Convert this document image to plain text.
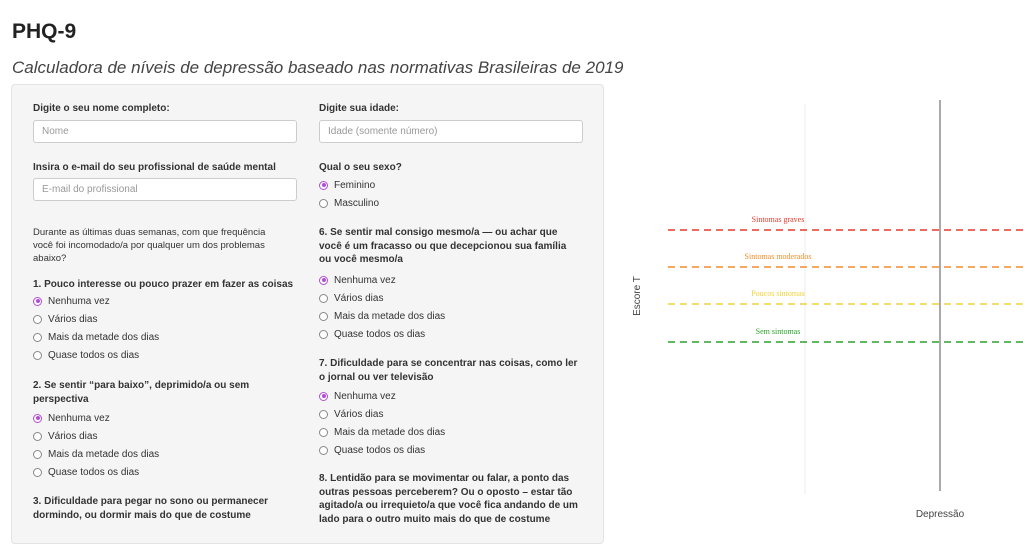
PHQ-9

Calculadora de níveis de depressão baseado nas normativas Brasileiras de 2019

Digite o seu nome completo:
Nome
Insira o e-mail do seu profissional de saúde mental
E-mail do profissional
Durante as últimas duas semanas, com que frequência
você foi incomodado/a por qualquer um dos problemas
abaixo?
1. Pouco interesse ou pouco prazer em fazer as coisas
Nenhuma vez
Vários dias
Mais da metade dos dias
Quase todos os dias
2. Se sentir “para baixo”, deprimido/a ou sem
perspectiva
Nenhuma vez
Vários dias
Mais da metade dos dias
Quase todos os dias
3. Dificuldade para pegar no sono ou permanecer
dormindo, ou dormir mais do que de costume
Digite sua idade:
Idade (somente número)
Qual o seu sexo?
Feminino
Masculino
6. Se sentir mal consigo mesmo/a — ou achar que
você é um fracasso ou que decepcionou sua família
ou você mesmo/a
Nenhuma vez
Vários dias
Mais da metade dos dias
Quase todos os dias
7. Dificuldade para se concentrar nas coisas, como ler
o jornal ou ver televisão
Nenhuma vez
Vários dias
Mais da metade dos dias
Quase todos os dias
8. Lentidão para se movimentar ou falar, a ponto das
outras pessoas perceberem? Ou o oposto – estar tão
agitado/a ou irrequieto/a que você fica andando de um
lado para o outro muito mais do que de costume
Sintomas graves
Sintomas moderados
Poucos sintomas
Sem sintomas
Escore T
Depressão
